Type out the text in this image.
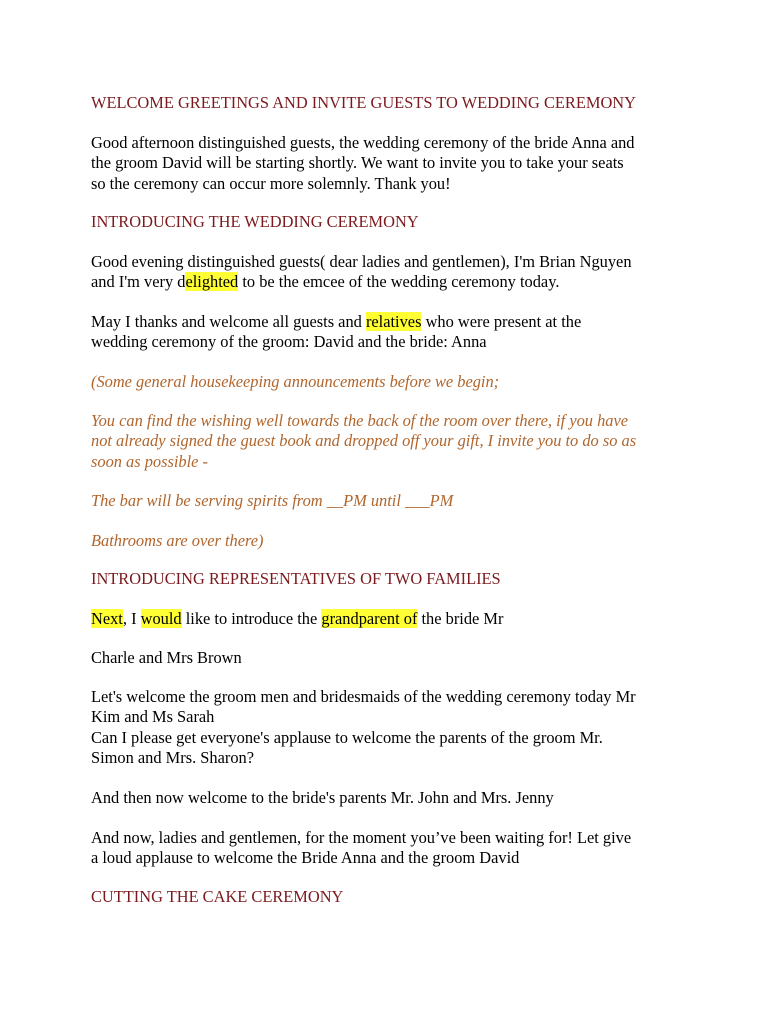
WELCOME GREETINGS AND INVITE GUESTS TO WEDDING CEREMONY

Good afternoon distinguished guests, the wedding ceremony of the bride Anna and

the groom David will be starting shortly. We want to invite you to take your seats

so the ceremony can occur more solemnly. Thank you!

INTRODUCING THE WEDDING CEREMONY

Good evening distinguished guests( dear ladies and gentlemen), I'm Brian Nguyen

and I'm very delighted to be the emcee of the wedding ceremony today.

May I thanks and welcome all guests and relatives who were present at the

wedding ceremony of the groom: David and the bride: Anna

(Some general housekeeping announcements before we begin;

You can find the wishing well towards the back of the room over there, if you have

not already signed the guest book and dropped off your gift, I invite you to do so as

soon as possible -

The bar will be serving spirits from __PM until ___PM

Bathrooms are over there)

INTRODUCING REPRESENTATIVES OF TWO FAMILIES

Next, I would like to introduce the grandparent of the bride Mr

Charle and Mrs Brown

Let's welcome the groom men and bridesmaids of the wedding ceremony today Mr

Kim and Ms Sarah

Can I please get everyone's applause to welcome the parents of the groom Mr.

Simon and Mrs. Sharon?

And then now welcome to the bride's parents Mr. John and Mrs. Jenny

And now, ladies and gentlemen, for the moment you’ve been waiting for! Let give

a loud applause to welcome the Bride Anna and the groom David

CUTTING THE CAKE CEREMONY
